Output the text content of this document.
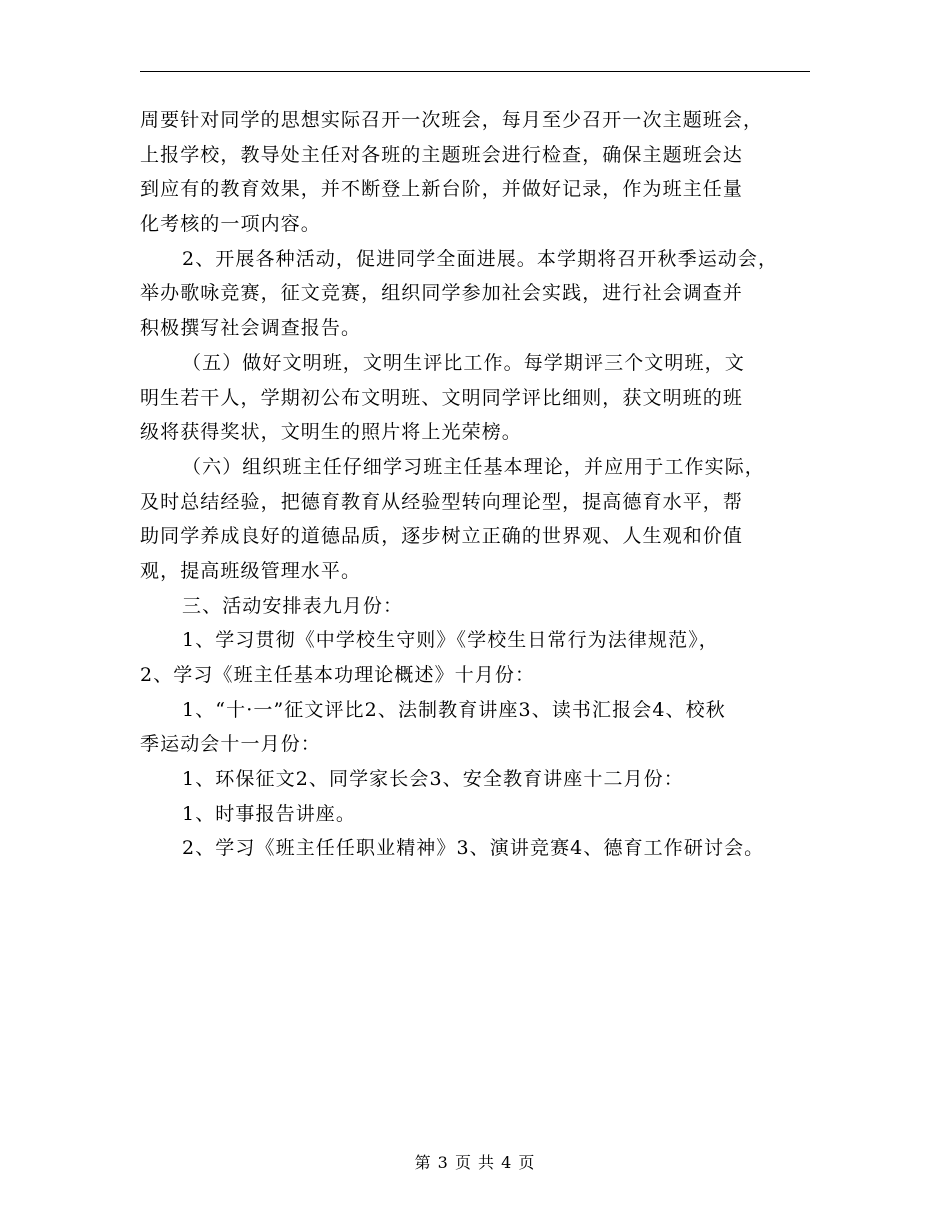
周要针对同学的思想实际召开一次班会，每月至少召开一次主题班会，
上报学校，教导处主任对各班的主题班会进行检查，确保主题班会达
到应有的教育效果，并不断登上新台阶，并做好记录，作为班主任量
化考核的一项内容。
2、开展各种活动，促进同学全面进展。本学期将召开秋季运动会，
举办歌咏竞赛，征文竞赛，组织同学参加社会实践，进行社会调查并
积极撰写社会调查报告。
（五）做好文明班，文明生评比工作。每学期评三个文明班，文
明生若干人，学期初公布文明班、文明同学评比细则，获文明班的班
级将获得奖状，文明生的照片将上光荣榜。
（六）组织班主任仔细学习班主任基本理论，并应用于工作实际，
及时总结经验，把德育教育从经验型转向理论型，提高德育水平，帮
助同学养成良好的道德品质，逐步树立正确的世界观、人生观和价值
观，提高班级管理水平。
三、活动安排表九月份：
1、学习贯彻《中学校生守则》《学校生日常行为法律规范》，
2、学习《班主任基本功理论概述》十月份：
1、“十·一”征文评比2、法制教育讲座3、读书汇报会4、校秋
季运动会十一月份：
1、环保征文2、同学家长会3、安全教育讲座十二月份：
1、时事报告讲座。
2、学习《班主任任职业精神》3、演讲竞赛4、德育工作研讨会。
第 3 页 共 4 页
